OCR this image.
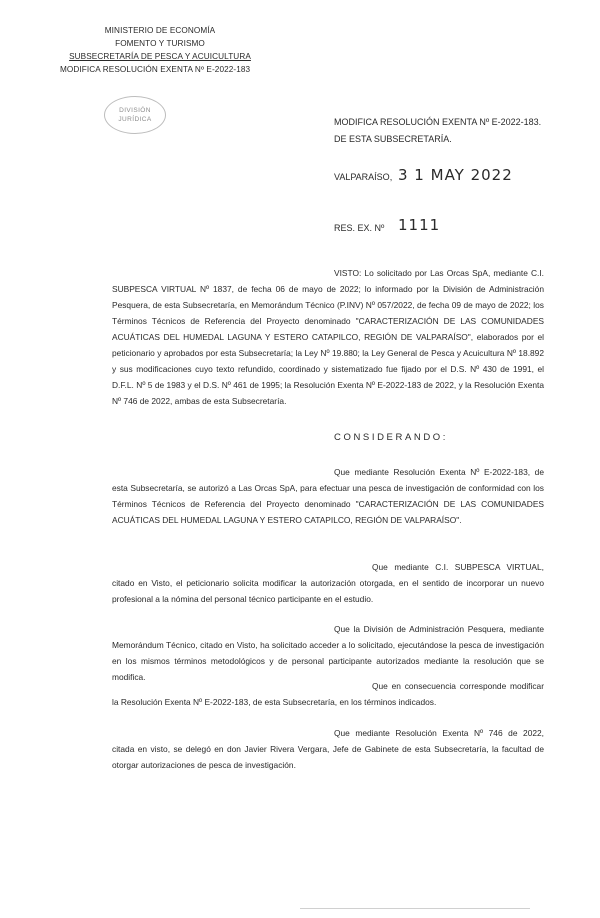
MINISTERIO DE ECONOMÍA
FOMENTO Y TURISMO
SUBSECRETARÍA DE PESCA Y ACUICULTURA
MODIFICA RESOLUCIÓN EXENTA Nº E-2022-183
DIVISIÓN
JURÍDICA	MODIFICA RESOLUCIÓN EXENTA Nº E-2022-183.
DE ESTA SUBSECRETARÍA.
VALPARAÍSO, 3 1 MAY 2022
RES. EX. Nº 1111

VISTO: Lo solicitado por Las Orcas SpA, mediante C.I. SUBPESCA VIRTUAL Nº 1837, de fecha 06 de mayo de 2022; lo informado por la División de Administración Pesquera, de esta Subsecretaría, en Memorándum Técnico (P.INV) Nº 057/2022, de fecha 09 de mayo de 2022; los Términos Técnicos de Referencia del Proyecto denominado "CARACTERIZACIÓN DE LAS COMUNIDADES ACUÁTICAS DEL HUMEDAL LAGUNA Y ESTERO CATAPILCO, REGIÓN DE VALPARAÍSO", elaborados por el peticionario y aprobados por esta Subsecretaría; la Ley Nº 19.880; la Ley General de Pesca y Acuicultura Nº 18.892 y sus modificaciones cuyo texto refundido, coordinado y sistematizado fue fijado por el D.S. Nº 430 de 1991, el D.F.L. Nº 5 de 1983 y el D.S. Nº 461 de 1995; la Resolución Exenta Nº E-2022-183 de 2022, y la Resolución Exenta Nº 746 de 2022, ambas de esta Subsecretaría.

CONSIDERANDO:

Que mediante Resolución Exenta Nº E-2022-183, de esta Subsecretaría, se autorizó a Las Orcas SpA, para efectuar una pesca de investigación de conformidad con los Términos Técnicos de Referencia del Proyecto denominado "CARACTERIZACIÓN DE LAS COMUNIDADES ACUÁTICAS DEL HUMEDAL LAGUNA Y ESTERO CATAPILCO, REGIÓN DE VALPARAÍSO".

Que mediante C.I. SUBPESCA VIRTUAL, citado en Visto, el peticionario solicita modificar la autorización otorgada, en el sentido de incorporar un nuevo profesional a la nómina del personal técnico participante en el estudio.

Que la División de Administración Pesquera, mediante Memorándum Técnico, citado en Visto, ha solicitado acceder a lo solicitado, ejecutándose la pesca de investigación en los mismos términos metodológicos y de personal participante autorizados mediante la resolución que se modifica.

Que en consecuencia corresponde modificar la Resolución Exenta Nº E-2022-183, de esta Subsecretaría, en los términos indicados.

Que mediante Resolución Exenta Nº 746 de 2022, citada en visto, se delegó en don Javier Rivera Vergara, Jefe de Gabinete de esta Subsecretaría, la facultad de otorgar autorizaciones de pesca de investigación.
